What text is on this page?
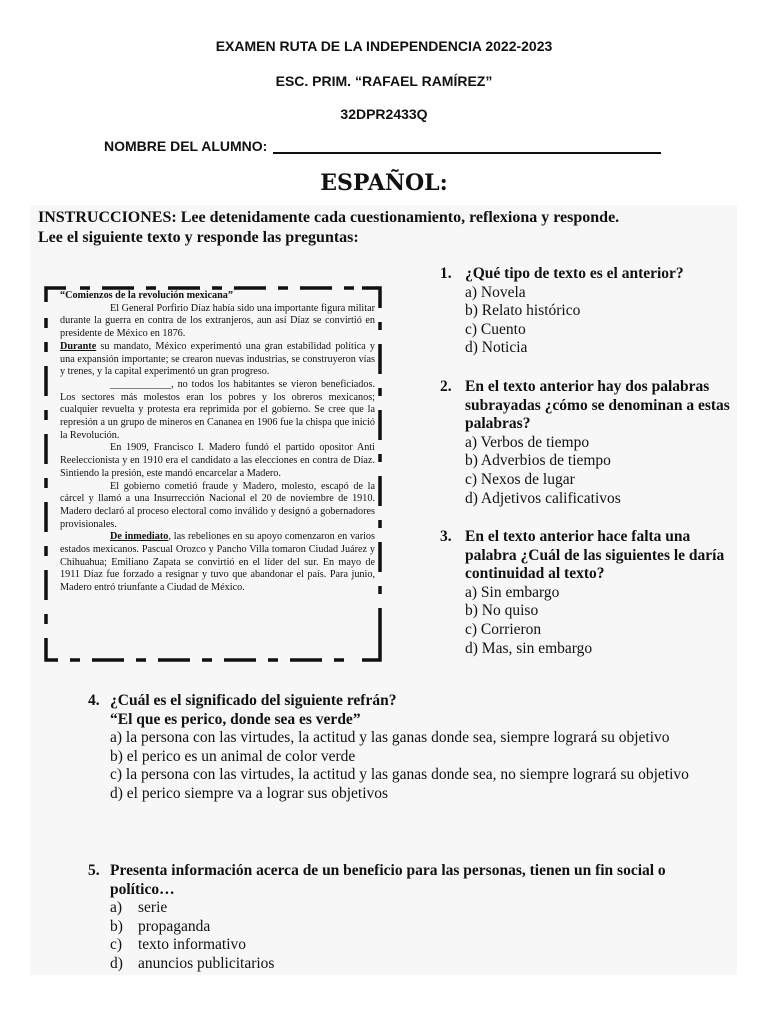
EXAMEN RUTA DE LA INDEPENDENCIA 2022-2023
ESC. PRIM. “RAFAEL RAMÍREZ”
32DPR2433Q
NOMBRE DEL ALUMNO:
ESPAÑOL:
INSTRUCCIONES: Lee detenidamente cada cuestionamiento, reflexiona y responde.
Lee el siguiente texto y responde las preguntas:

“Comienzos de la revolución mexicana”

El General Porfirio Díaz había sido una importante figura militar durante la guerra en contra de los extranjeros, aun así Díaz se convirtió en presidente de México en 1876.

Durante su mandato, México experimentó una gran estabilidad política y una expansión importante; se crearon nuevas industrias, se construyeron vías y trenes, y la capital experimentó un gran progreso.

____________, no todos los habitantes se vieron beneficiados. Los sectores más molestos eran los pobres y los obreros mexicanos; cualquier revuelta y protesta era reprimida por el gobierno. Se cree que la represión a un grupo de mineros en Cananea en 1906 fue la chispa que inició la Revolución.

En 1909, Francisco I. Madero fundó el partido opositor Anti Reeleccionista y en 1910 era el candidato a las elecciones en contra de Díaz. Sintiendo la presión, este mandó encarcelar a Madero.

El gobierno cometió fraude y Madero, molesto, escapó de la cárcel y llamó a una Insurrección Nacional el 20 de noviembre de 1910. Madero declaró al proceso electoral como inválido y designó a gobernadores provisionales.

De inmediato, las rebeliones en su apoyo comenzaron en varios estados mexicanos. Pascual Orozco y Pancho Villa tomaron Ciudad Juárez y Chihuahua; Emiliano Zapata se convirtió en el líder del sur. En mayo de 1911 Díaz fue forzado a resignar y tuvo que abandonar el país. Para junio, Madero entró triunfante a Ciudad de México.

1. ¿Qué tipo de texto es el anterior?
a) Novela
b) Relato histórico
c) Cuento
d) Noticia
2. En el texto anterior hay dos palabras subrayadas ¿cómo se denominan a estas palabras?
a) Verbos de tiempo
b) Adverbios de tiempo
c) Nexos de lugar
d) Adjetivos calificativos
3. En el texto anterior hace falta una palabra ¿Cuál de las siguientes le daría continuidad al texto?
a) Sin embargo
b) No quiso
c) Corrieron
d) Mas, sin embargo
4. ¿Cuál es el significado del siguiente refrán?
“El que es perico, donde sea es verde”
a) la persona con las virtudes, la actitud y las ganas donde sea, siempre logrará su objetivo
b) el perico es un animal de color verde
c) la persona con las virtudes, la actitud y las ganas donde sea, no siempre logrará su objetivo
d) el perico siempre va a lograr sus objetivos
5. Presenta información acerca de un beneficio para las personas, tienen un fin social o político…
a)	serie
b) propaganda
c)	texto informativo
d) anuncios publicitarios
